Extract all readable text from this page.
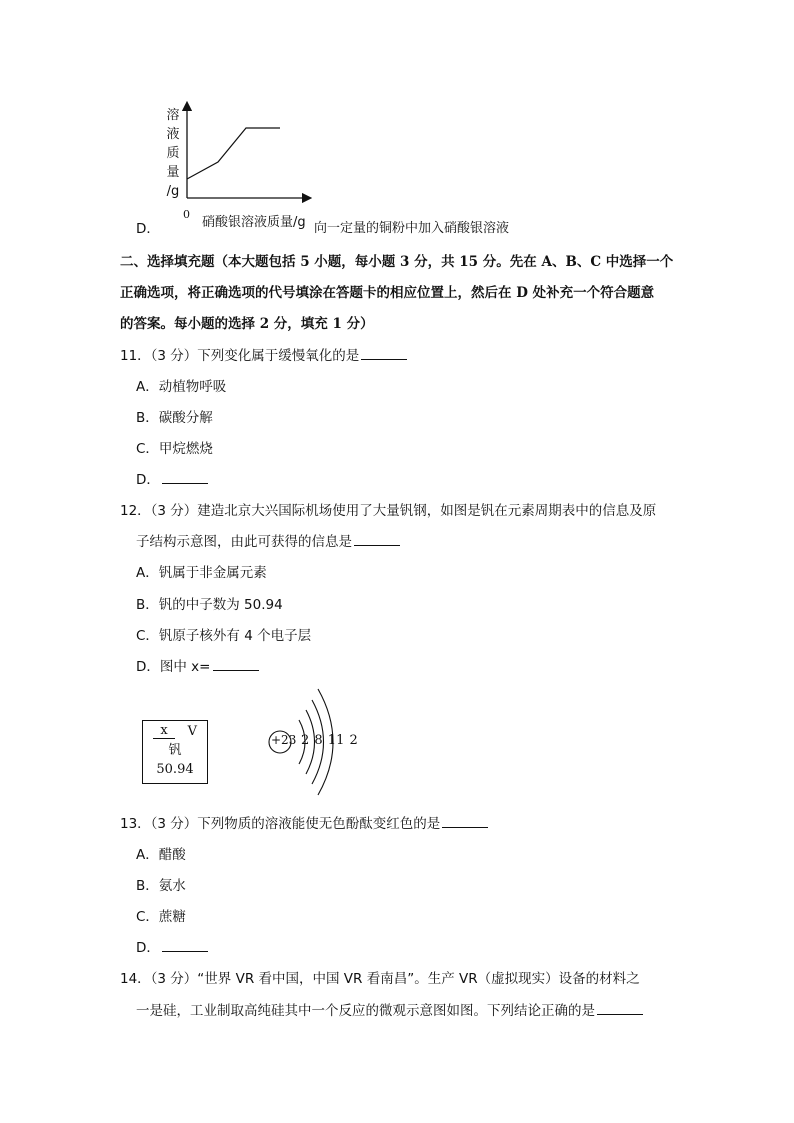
溶
液
质
量
/g
0
硝酸银溶液质量/g
D．	向一定量的铜粉中加入硝酸银溶液
二、选择填充题（本大题包括 5 小题，每小题 3 分，共 15 分。先在 A、B、C 中选择一个
正确选项，将正确选项的代号填涂在答题卡的相应位置上，然后在 D 处补充一个符合题意
的答案。每小题的选择 2 分，填充 1 分）
11．（3 分）下列变化属于缓慢氧化的是
A．动植物呼吸
B．碳酸分解
C．甲烷燃烧
D．
12．（3 分）建造北京大兴国际机场使用了大量钒钢，如图是钒在元素周期表中的信息及原
子结构示意图，由此可获得的信息是
A．钒属于非金属元素
B．钒的中子数为 50.94
C．钒原子核外有 4 个电子层
D．图中 x=
x	V
钒
50.94
+23 2 8 11 2
13．（3 分）下列物质的溶液能使无色酚酞变红色的是
A．醋酸
B．氨水
C．蔗糖
D．
14．（3 分）“世界 VR 看中国，中国 VR 看南昌”。生产 VR（虚拟现实）设备的材料之
一是硅，工业制取高纯硅其中一个反应的微观示意图如图。下列结论正确的是
